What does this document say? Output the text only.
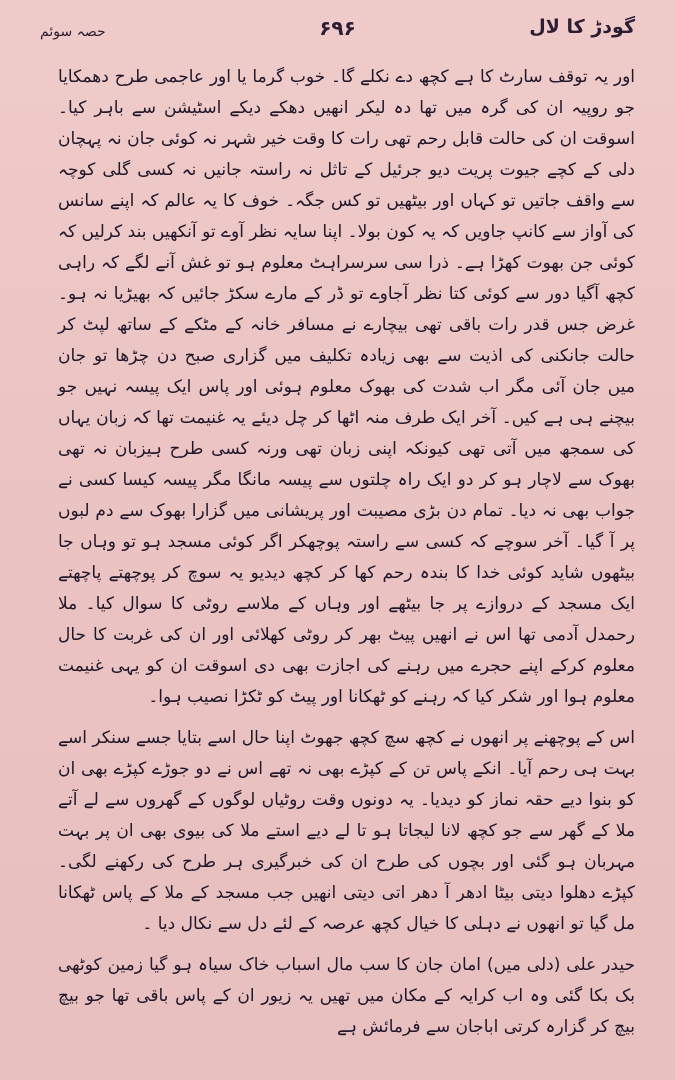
گودڑ کا لال
۶۹۶
حصہ سوئم

اور یہ توقف سارٹ کا ہے کچھ دے نکلے گا۔ خوب گرما یا اور عاجمی طرح دھمکایا جو روپیہ ان کی گرہ میں تھا دہ لیکر انھیں دھکے دیکے اسٹیشن سے باہر کیا۔ اسوقت ان کی حالت قابل رحم تھی رات کا وقت خیر شہر نہ کوئی جان نہ پہچان دلی کے کچے جیوت پریت دیو جرئیل کے تاثل نہ راستہ جانیں نہ کسی گلی کوچہ سے واقف جاتیں تو کہاں اور بیٹھیں تو کس جگہ۔ خوف کا یہ عالم کہ اپنے سانس کی آواز سے کانپ جاویں کہ یہ کون بولا۔ اپنا سایہ نظر آوے تو آنکھیں بند کرلیں کہ کوئی جن بھوت کھڑا ہے۔ ذرا سی سرسراہٹ معلوم ہو تو غش آنے لگے کہ راہی کچھ آگیا دور سے کوئی کتا نظر آجاوے تو ڈر کے مارے سکڑ جائیں کہ بھیڑیا نہ ہو۔ غرض جس قدر رات باقی تھی بیچارے نے مسافر خانہ کے مٹکے کے ساتھ لپٹ کر حالت جانکنی کی اذیت سے بھی زیادہ تکلیف میں گزاری صبح دن چڑھا تو جان میں جان آئی مگر اب شدت کی بھوک معلوم ہوئی اور پاس ایک پیسہ نہیں جو بیچنے ہی ہے کیں۔ آخر ایک طرف منہ اٹھا کر چل دیئے یہ غنیمت تھا کہ زبان یہاں کی سمجھ میں آتی تھی کیونکہ اپنی زبان تھی ورنہ کسی طرح ہیزبان نہ تھی بھوک سے لاچار ہو کر دو ایک راہ چلتوں سے پیسہ مانگا مگر پیسہ کیسا کسی نے جواب بھی نہ دیا۔ تمام دن بڑی مصیبت اور پریشانی میں گزارا بھوک سے دم لبوں پر آ گیا۔ آخر سوچے کہ کسی سے راستہ پوچھکر اگر کوئی مسجد ہو تو وہاں جا بیٹھوں شاید کوئی خدا کا بندہ رحم کھا کر کچھ دیدیو یہ سوچ کر پوچھتے پاچھتے ایک مسجد کے دروازے پر جا بیٹھے اور وہاں کے ملاسے روٹی کا سوال کیا۔ ملا رحمدل آدمی تھا اس نے انھیں پیٹ بھر کر روٹی کھلائی اور ان کی غربت کا حال معلوم کرکے اپنے حجرے میں رہنے کی اجازت بھی دی اسوقت ان کو یہی غنیمت معلوم ہوا اور شکر کیا کہ رہنے کو ٹھکانا اور پیٹ کو ٹکڑا نصیب ہوا۔

اس کے پوچھنے پر انھوں نے کچھ سچ کچھ جھوٹ اپنا حال اسے بتایا جسے سنکر اسے بہت ہی رحم آیا۔ انکے پاس تن کے کپڑے بھی نہ تھے اس نے دو جوڑے کپڑے بھی ان کو بنوا دیے حقہ نماز کو دیدیا۔ یہ دونوں وقت روٹیاں لوگوں کے گھروں سے لے آتے ملا کے گھر سے جو کچھ لانا لیجاتا ہو تا لے دیے استے ملا کی بیوی بھی ان پر بہت مہربان ہو گئی اور بچوں کی طرح ان کی خبرگیری ہر طرح کی رکھنے لگی۔ کپڑے دھلوا دیتی بیٹا ادھر آ دھر اتی دیتی انھیں جب مسجد کے ملا کے پاس ٹھکانا مل گیا تو انھوں نے دہلی کا خیال کچھ عرصہ کے لئے دل سے نکال دیا ۔

حیدر علی (دلی میں) امان جان کا سب مال اسباب خاک سیاہ ہو گیا زمین کوٹھی بک بکا گئی وہ اب کرایہ کے مکان میں تھیں یہ زیور ان کے پاس باقی تھا جو بیچ بیچ کر گزارہ کرتی اباجان سے فرمائش ہے
